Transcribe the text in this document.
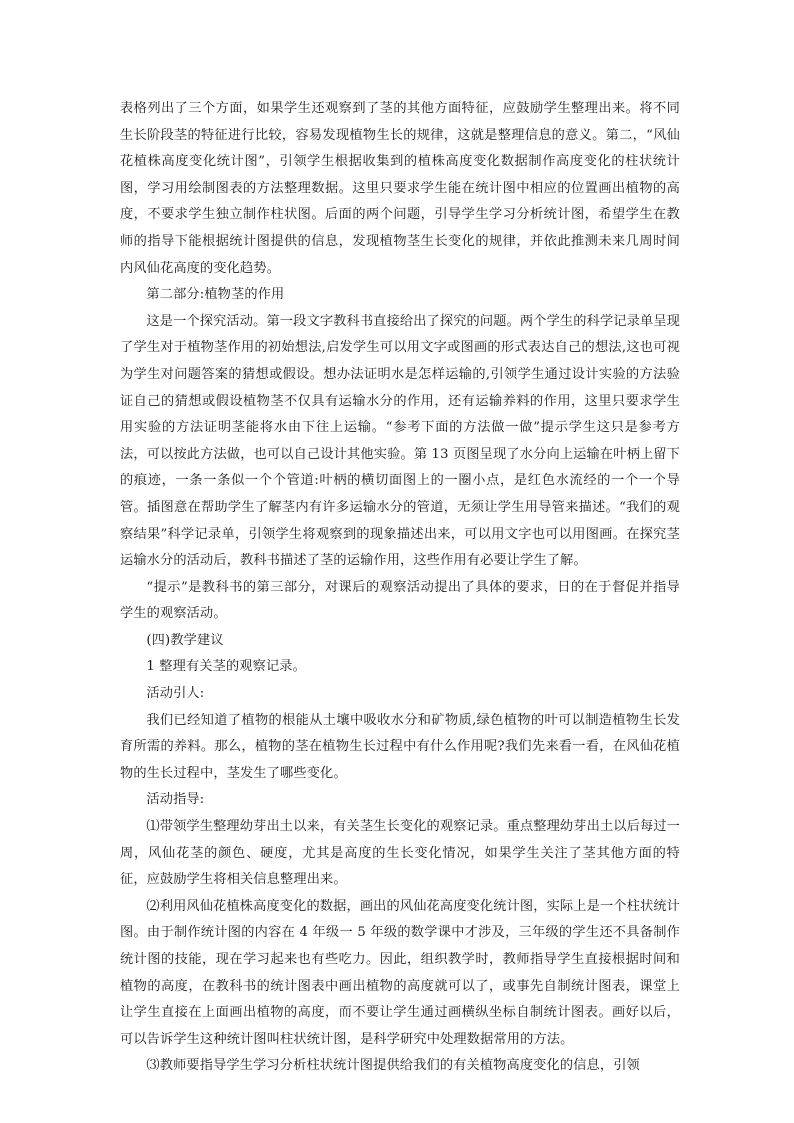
表格列出了三个方面，如果学生还观察到了茎的其他方面特征，应鼓励学生整理出来。将不同生长阶段茎的特征进行比较，容易发现植物生长的规律，这就是整理信息的意义。第二，“风仙花植株高度变化统计图”，引领学生根据收集到的植株高度变化数据制作高度变化的柱状统计图，学习用绘制图表的方法整理数据。这里只要求学生能在统计图中相应的位置画出植物的高度，不要求学生独立制作柱状图。后面的两个问题，引导学生学习分析统计图，希望学生在教师的指导下能根据统计图提供的信息，发现植物茎生长变化的规律，并依此推测未来几周时间内风仙花高度的变化趋势。

第二部分:植物茎的作用

这是一个探究活动。第一段文字教科书直接给出了探究的问题。两个学生的科学记录单呈现了学生对于植物茎作用的初始想法,启发学生可以用文字或图画的形式表达自己的想法,这也可视为学生对问题答案的猜想或假设。想办法证明水是怎样运输的,引领学生通过设计实验的方法验证自己的猜想或假设植物茎不仅具有运输水分的作用，还有运输养料的作用，这里只要求学生用实验的方法证明茎能将水由下往上运输。“参考下面的方法做一做”提示学生这只是参考方法，可以按此方法做，也可以自己设计其他实验。第 13 页图呈现了水分向上运输在叶柄上留下的痕迹，一条一条似一个个管道:叶柄的横切面图上的一圈小点，是红色水流经的一个一个导管。插图意在帮助学生了解茎内有许多运输水分的管道，无须让学生用导管来描述。“我们的观察结果”科学记录单，引领学生将观察到的现象描述出来，可以用文字也可以用图画。在探究茎运输水分的活动后，教科书描述了茎的运输作用，这些作用有必要让学生了解。

“提示”是教科书的第三部分，对课后的观察活动提出了具体的要求，日的在于督促并指导学生的观察活动。

(四)教学建议

1 整理有关茎的观察记录。

活动引人:

我们已经知道了植物的根能从土壤中吸收水分和矿物质,绿色植物的叶可以制造植物生长发育所需的养料。那么，植物的茎在植物生长过程中有什么作用呢?我们先来看一看，在风仙花植物的生长过程中，茎发生了哪些变化。

活动指导:

⑴带领学生整理幼芽出土以来，有关茎生长变化的观察记录。重点整理幼芽出土以后每过一周，风仙花茎的颜色、硬度，尤其是高度的生长变化情况，如果学生关注了茎其他方面的特征，应鼓励学生将相关信息整理出来。

⑵利用风仙花植株高度变化的数据，画出的风仙花高度变化统计图，实际上是一个柱状统计图。由于制作统计图的内容在 4 年级一 5 年级的数学课中才涉及，三年级的学生还不具备制作统计图的技能，现在学习起来也有些吃力。因此，组织教学时，教师指导学生直接根据时间和植物的高度，在教科书的统计图表中画出植物的高度就可以了，或事先自制统计图表，课堂上让学生直接在上面画出植物的高度，而不要让学生通过画横纵坐标自制统计图表。画好以后，可以告诉学生这种统计图叫柱状统计图，是科学研究中处理数据常用的方法。

⑶教师要指导学生学习分析柱状统计图提供给我们的有关植物高度变化的信息，引领
